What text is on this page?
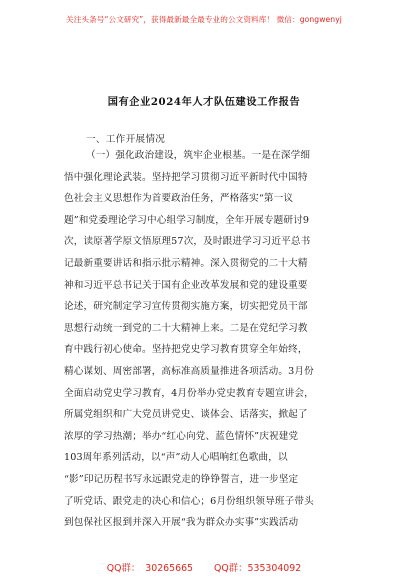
关注头条号“公文研究”，获得最新最全最专业的公文资料库！ 微信：gongwenyj
国有企业2024年人才队伍建设工作报告
一、工作开展情况
（一）强化政治建设，筑牢企业根基。一是在深学细
悟中强化理论武装。坚持把学习贯彻习近平新时代中国特
色社会主义思想作为首要政治任务，严格落实“第一议
题”和党委理论学习中心组学习制度，全年开展专题研讨9
次，读原著学原文悟原理57次，及时跟进学习习近平总书
记最新重要讲话和指示批示精神。深入贯彻党的二十大精
神和习近平总书记关于国有企业改革发展和党的建设重要
论述，研究制定学习宣传贯彻实施方案，切实把党员干部
思想行动统一到党的二十大精神上来。二是在党纪学习教
育中践行初心使命。坚持把党史学习教育贯穿全年始终，
精心谋划、周密部署，高标准高质量推进各项活动。3月份
全面启动党史学习教育，4月份举办党史教育专题宣讲会，
所属党组织和广大党员讲党史、谈体会、话落实，掀起了
浓厚的学习热潮；举办“红心向党、蓝色情怀”庆祝建党
103周年系列活动，以“声”动人心唱响红色歌曲，以
“影”印记历程书写永远跟党走的铮铮誓言，进一步坚定
了听党话、跟党走的决心和信心；6月份组织领导班子带头
到包保社区报到并深入开展“我为群众办实事”实践活动
QQ群： 30265665 QQ群：535304092
